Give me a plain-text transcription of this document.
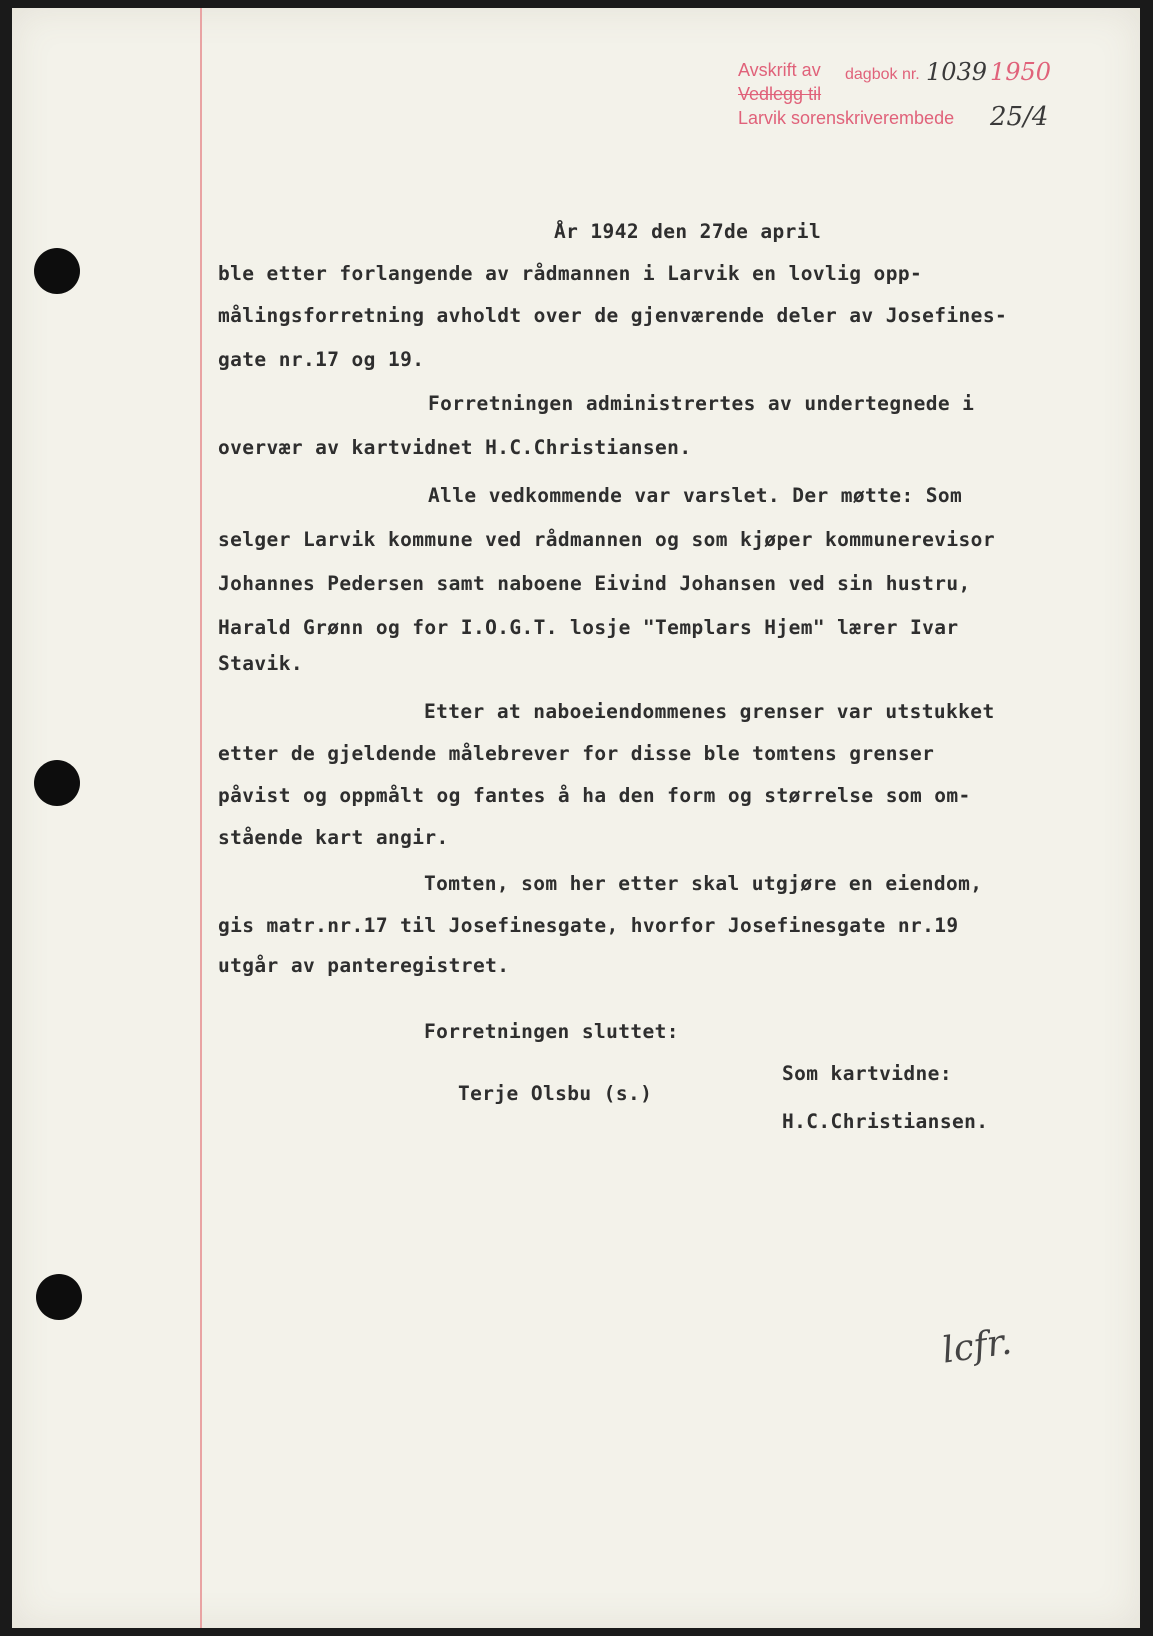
Avskrift av dagbok nr. 1039 1950
Vedlegg til
Larvik sorenskriverembede 25/4
År 1942 den 27de april
ble etter forlangende av rådmannen i Larvik en lovlig opp-
målingsforretning avholdt over de gjenværende deler av Josefines-
gate nr.17 og 19.
Forretningen administrertes av undertegnede i
overvær av kartvidnet H.C.Christiansen.
Alle vedkommende var varslet. Der møtte: Som
selger Larvik kommune ved rådmannen og som kjøper kommunerevisor
Johannes Pedersen samt naboene Eivind Johansen ved sin hustru,
Harald Grønn og for I.O.G.T. losje "Templars Hjem" lærer Ivar
Stavik.
Etter at naboeiendommenes grenser var utstukket
etter de gjeldende målebrever for disse ble tomtens grenser
påvist og oppmålt og fantes å ha den form og størrelse som om-
stående kart angir.
Tomten, som her etter skal utgjøre en eiendom,
gis matr.nr.17 til Josefinesgate, hvorfor Josefinesgate nr.19
utgår av panteregistret.
Forretningen sluttet:
Terje Olsbu (s.)
Som kartvidne:
H.C.Christiansen.
lcfr.
